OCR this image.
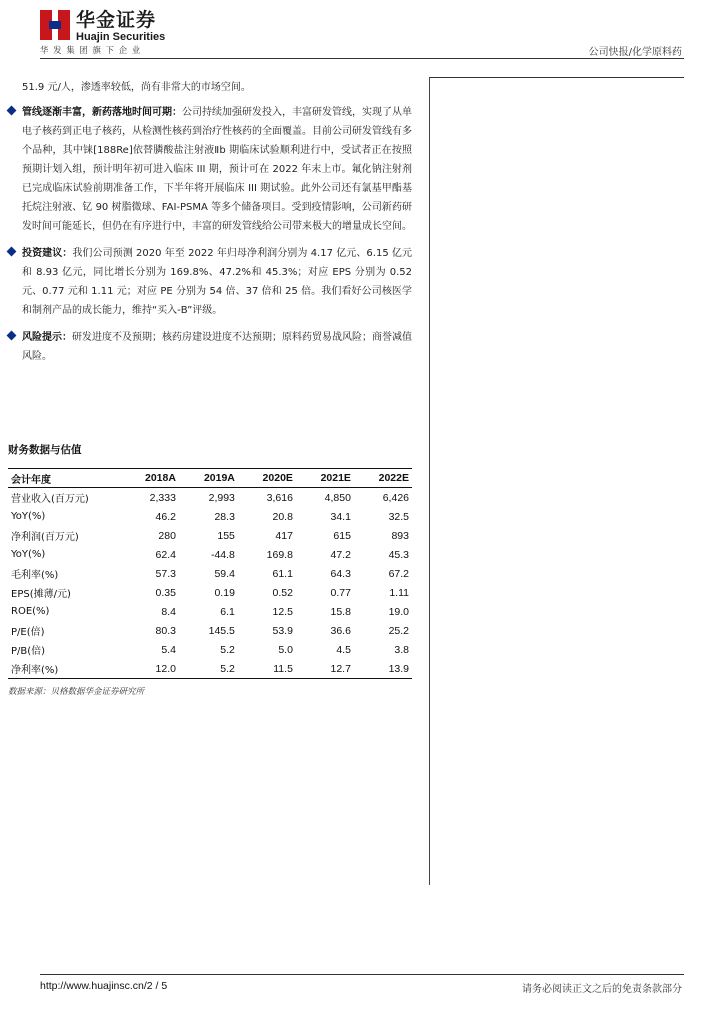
华金证券
Huajin Securities
华发集团旗下企业	公司快报/化学原料药

51.9 元/人，渗透率较低，尚有非常大的市场空间。

管线逐渐丰富，新药落地时间可期：公司持续加强研发投入，丰富研发管线，实现了从单电子核药到正电子核药，从检测性核药到治疗性核药的全面覆盖。目前公司研发管线有多个品种，其中铼[188Re]依替膦酸盐注射液Ⅱb 期临床试验顺利进行中，受试者正在按照预期计划入组，预计明年初可进入临床 III 期，预计可在 2022 年末上市。氟化钠注射剂已完成临床试验前期准备工作，下半年将开展临床 III 期试验。此外公司还有氯基甲酯基托烷注射液、钇 90 树脂微球、FAI-PSMA 等多个储备项目。受到疫情影响，公司新药研发时间可能延长，但仍在有序进行中，丰富的研发管线给公司带来极大的增量成长空间。

投资建议：我们公司预测 2020 年至 2022 年归母净利润分别为 4.17 亿元、6.15 亿元和 8.93 亿元，同比增长分别为 169.8%、47.2%和 45.3%；对应 EPS 分别为 0.52 元、0.77 元和 1.11 元；对应 PE 分别为 54 倍、37 倍和 25 倍。我们看好公司核医学和制剂产品的成长能力，维持“买入-B”评级。

风险提示：研发进度不及预期；核药房建设进度不达预期；原料药贸易战风险；商誉减值风险。

财务数据与估值
会计年度	2018A	2019A	2020E	2021E	2022E
营业收入(百万元)	2,333	2,993	3,616	4,850	6,426
YoY(%)	46.2	28.3	20.8	34.1	32.5
净利润(百万元)	280	155	417	615	893
YoY(%)	62.4	-44.8	169.8	47.2	45.3
毛利率(%)	57.3	59.4	61.1	64.3	67.2
EPS(摊薄/元)	0.35	0.19	0.52	0.77	1.11
ROE(%)	8.4	6.1	12.5	15.8	19.0
P/E(倍)	80.3	145.5	53.9	36.6	25.2
P/B(倍)	5.4	5.2	5.0	4.5	3.8
净利率(%)	12.0	5.2	11.5	12.7	13.9
数据来源：贝格数据华金证券研究所
http://www.huajinsc.cn/2 / 5	请务必阅读正文之后的免责条款部分
